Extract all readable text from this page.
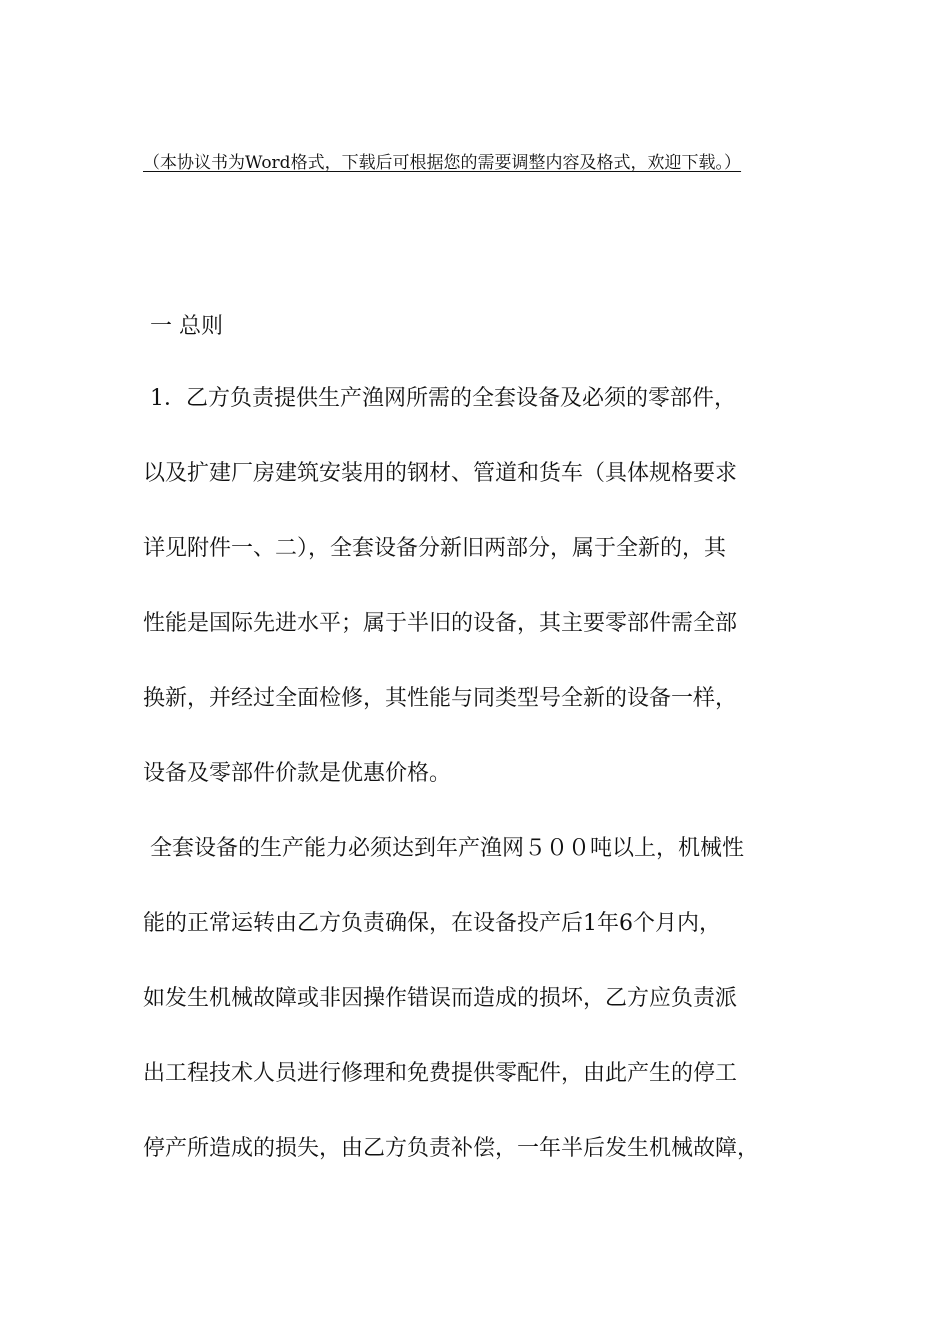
（本协议书为Word格式，下载后可根据您的需要调整内容及格式，欢迎下载。）
一 总则
1．乙方负责提供生产渔网所需的全套设备及必须的零部件，
以及扩建厂房建筑安装用的钢材、管道和货车（具体规格要求
详见附件一、二），全套设备分新旧两部分，属于全新的，其
性能是国际先进水平；属于半旧的设备，其主要零部件需全部
换新，并经过全面检修，其性能与同类型号全新的设备一样，
设备及零部件价款是优惠价格。
全套设备的生产能力必须达到年产渔网５００吨以上，机械性
能的正常运转由乙方负责确保，在设备投产后1年6个月内，
如发生机械故障或非因操作错误而造成的损坏，乙方应负责派
出工程技术人员进行修理和免费提供零配件，由此产生的停工
停产所造成的损失，由乙方负责补偿，一年半后发生机械故障，
